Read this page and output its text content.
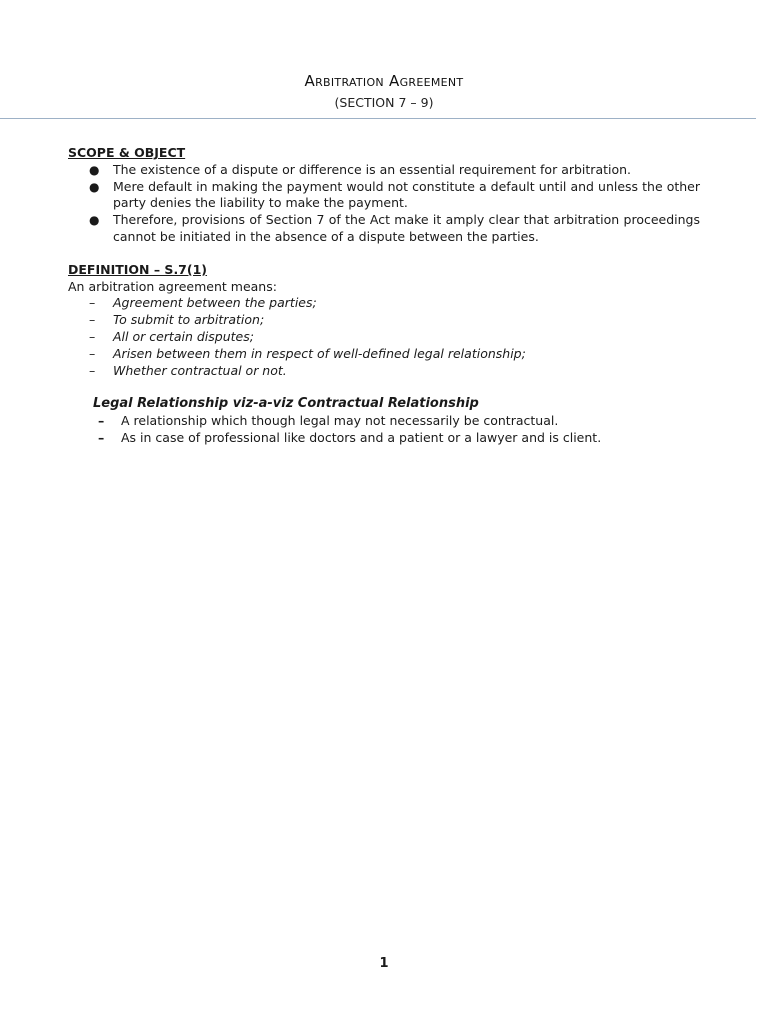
Arbitration Agreement
(SECTION 7 – 9)
SCOPE & OBJECT
● The existence of a dispute or difference is an essential requirement for arbitration.
● Mere default in making the payment would not constitute a default until and unless the other party denies the liability to make the payment.
● Therefore, provisions of Section 7 of the Act make it amply clear that arbitration proceedings cannot be initiated in the absence of a dispute between the parties.
DEFINITION – S.7(1)
An arbitration agreement means:
– Agreement between the parties;
– To submit to arbitration;
– All or certain disputes;
– Arisen between them in respect of well-defined legal relationship;
– Whether contractual or not.
Legal Relationship viz-a-viz Contractual Relationship
– A relationship which though legal may not necessarily be contractual.
– As in case of professional like doctors and a patient or a lawyer and is client.
1
